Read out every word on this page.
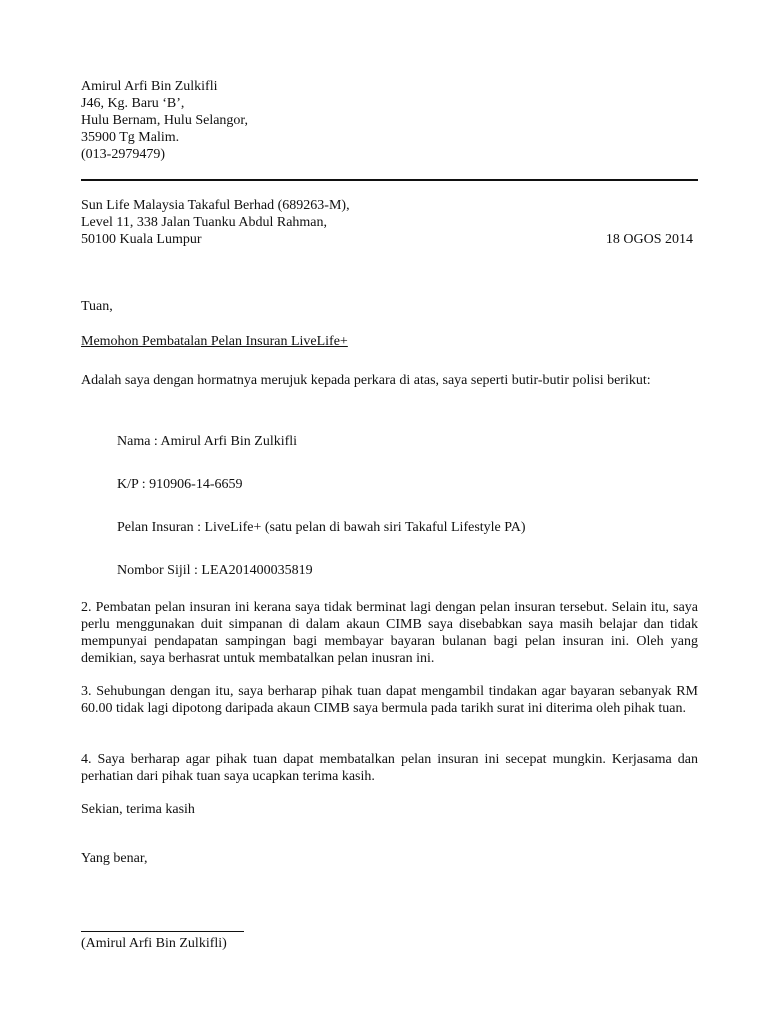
Amirul Arfi Bin Zulkifli
J46, Kg. Baru ‘B’,
Hulu Bernam, Hulu Selangor,
35900 Tg Malim.
(013-2979479)
Sun Life Malaysia Takaful Berhad (689263-M),
Level 11, 338 Jalan Tuanku Abdul Rahman,
50100 Kuala Lumpur	18 OGOS 2014
Tuan,
Memohon Pembatalan Pelan Insuran LiveLife+
Adalah saya dengan hormatnya merujuk kepada perkara di atas, saya seperti butir-butir polisi berikut:
Nama : Amirul Arfi Bin Zulkifli
K/P : 910906-14-6659
Pelan Insuran : LiveLife+ (satu pelan di bawah siri Takaful Lifestyle PA)
Nombor Sijil : LEA201400035819
2. Pembatan pelan insuran ini kerana saya tidak berminat lagi dengan pelan insuran tersebut. Selain itu, saya perlu menggunakan duit simpanan di dalam akaun CIMB saya disebabkan saya masih belajar dan tidak mempunyai pendapatan sampingan bagi membayar bayaran bulanan bagi pelan insuran ini. Oleh yang demikian, saya berhasrat untuk membatalkan pelan inusran ini.
3. Sehubungan dengan itu, saya berharap pihak tuan dapat mengambil tindakan agar bayaran sebanyak RM 60.00 tidak lagi dipotong daripada akaun CIMB saya bermula pada tarikh surat ini diterima oleh pihak tuan.
4. Saya berharap agar pihak tuan dapat membatalkan pelan insuran ini secepat mungkin. Kerjasama dan perhatian dari pihak tuan saya ucapkan terima kasih.
Sekian, terima kasih
Yang benar,
(Amirul Arfi Bin Zulkifli)
